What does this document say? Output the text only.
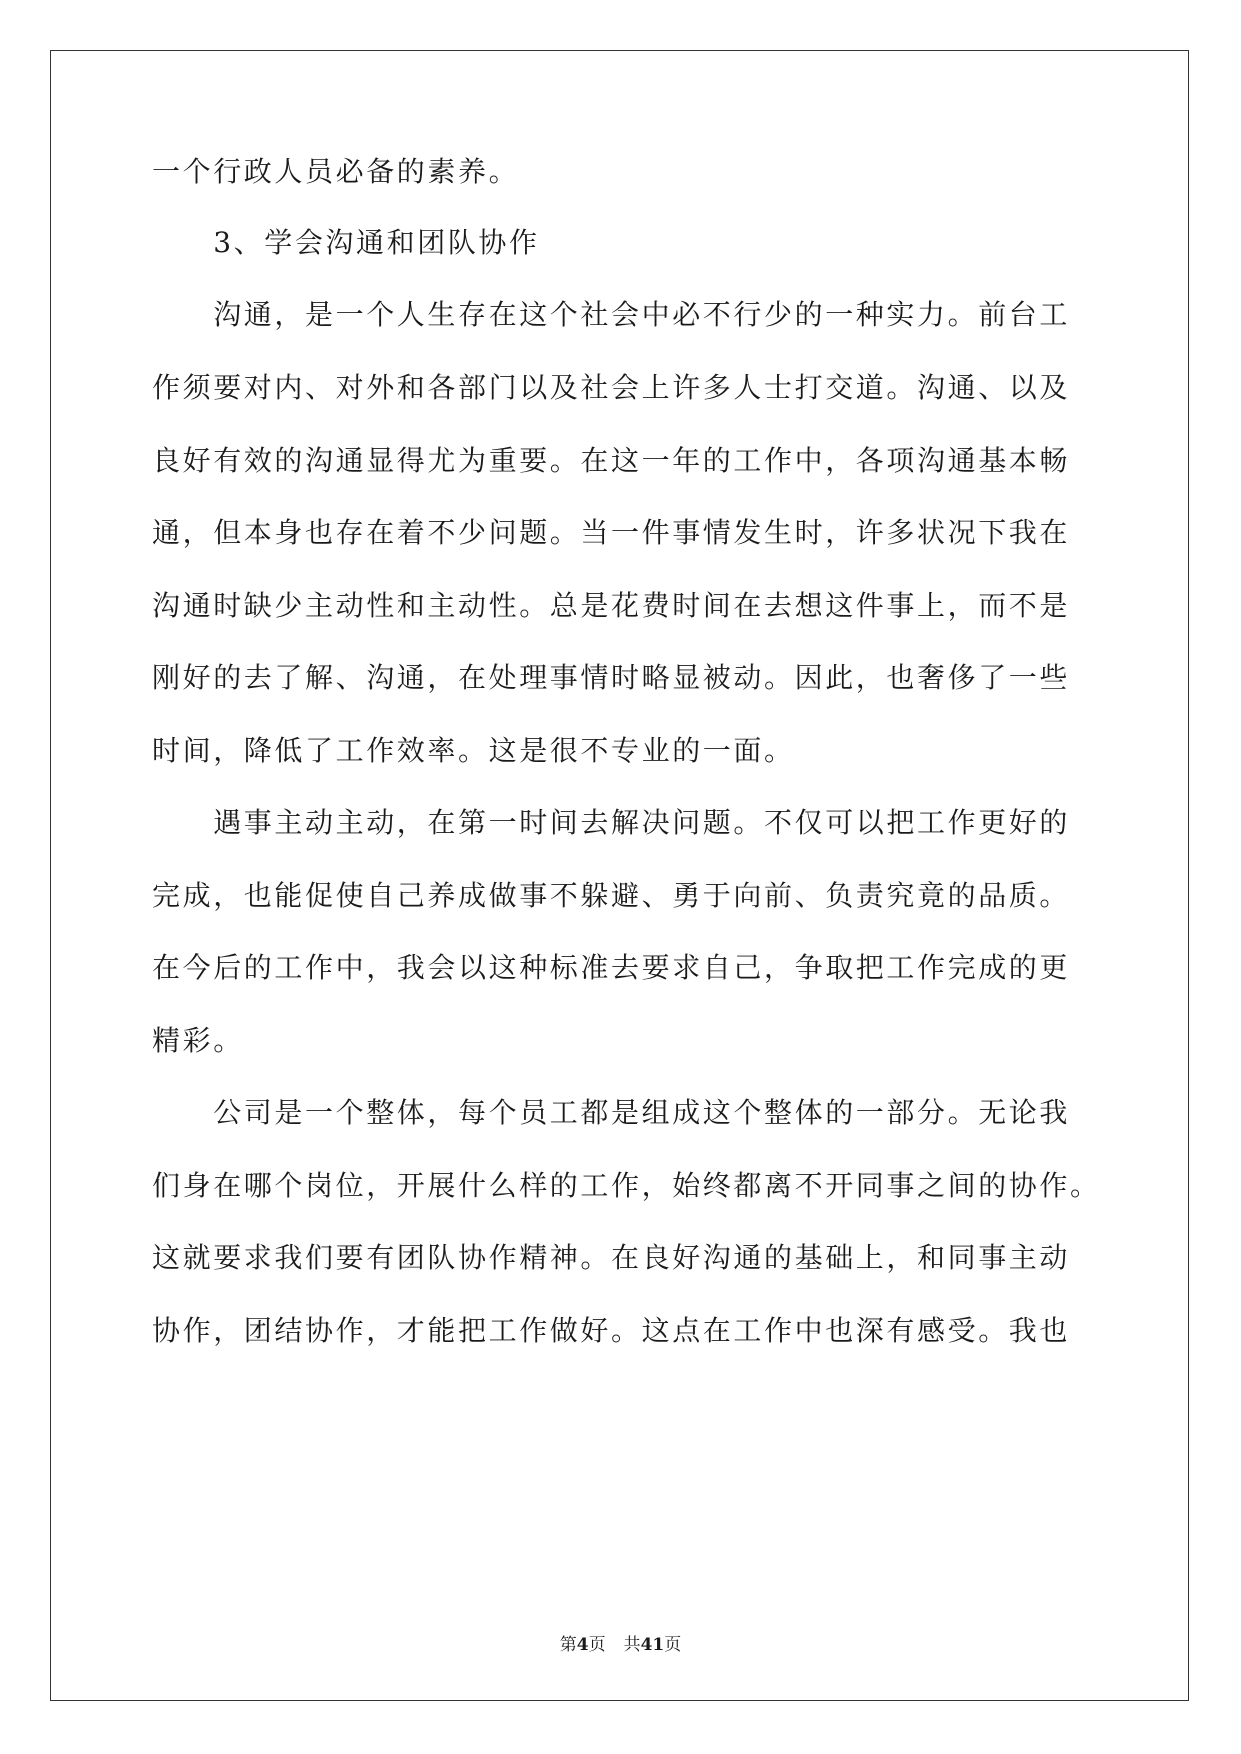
一个行政人员必备的素养。

　　3、学会沟通和团队协作

　　沟通，是一个人生存在这个社会中必不行少的一种实力。前台工

作须要对内、对外和各部门以及社会上许多人士打交道。沟通、以及

良好有效的沟通显得尤为重要。在这一年的工作中，各项沟通基本畅

通，但本身也存在着不少问题。当一件事情发生时，许多状况下我在

沟通时缺少主动性和主动性。总是花费时间在去想这件事上，而不是

刚好的去了解、沟通，在处理事情时略显被动。因此，也奢侈了一些

时间，降低了工作效率。这是很不专业的一面。

　　遇事主动主动，在第一时间去解决问题。不仅可以把工作更好的

完成，也能促使自己养成做事不躲避、勇于向前、负责究竟的品质。

在今后的工作中，我会以这种标准去要求自己，争取把工作完成的更

精彩。

　　公司是一个整体，每个员工都是组成这个整体的一部分。无论我

们身在哪个岗位，开展什么样的工作，始终都离不开同事之间的协作。

这就要求我们要有团队协作精神。在良好沟通的基础上，和同事主动

协作，团结协作，才能把工作做好。这点在工作中也深有感受。我也

第4页 共41页
